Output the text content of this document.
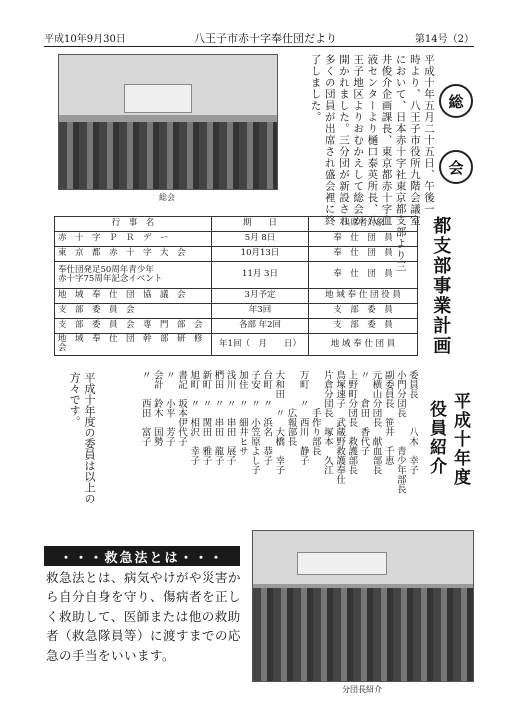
平成10年9月30日	八王子市赤十字奉仕団だより	第14号（2）
総会
総
会
平成十年五月二十五日、午後一
時より、八王子市役所九階会議室
において、日本赤十字社東京都支部より三
井俊介企画課長、東京都赤十字血
液センターより樋口泰英所長、八
王子地区よりおむかえして総会が
開かれました。三分団が新設され
多くの団員が出席され盛会裡に終
了しました。
都支部事業計画
行　事　名	期　　日	出席者対象
赤　十　字　Ｐ　Ｒ　デ　ー	5月 8日	奉　仕　団　員
東　京　都　赤　十　字　大　会	10月13日	奉　仕　団　員
奉仕団発足50周年青少年
赤十字75周年記念イベント	11月 3日	奉　仕　団　員
地　域　奉　仕　団　協　議　会	3月予定	地 域 奉 仕 団 役 員
支　部　委　員　会	年3回	支　部　委　員
支　部　委　員　会　専　門　部　会	各部 年2回	支　部　委　員
地　域　奉　仕　団　幹　部　研　修　会	年1回（　月　　日）	地 域 奉 仕 団 員
平成十年度
役員紹介
委員長　　　八木　幸子
小門分団長　　　青少年部長
副委員長　笹井　千恵
元横山分団長　献血部長
〃　　倉田　香代子
上野町分団長　救護部長
鳥塚速子　武蔵野救護奉仕
片倉分団長　塚本　久江
　　　　手作り部長
万町　〃　西川　静子
　　　　広報部長
大和田　〃　大橋　幸子
台町　〃　浜名　恭子
子安　〃　小笠原よし子
加住　〃　細井ヒサ
浅川　〃　串田　展子
椚田　〃　串田　龍子
新町　〃　関田　雅子
旭町　〃　相沢　幸子
書記　坂本伊代子
〃　　小平　芳子
会計　鈴木　国勢
〃　　西田　富子
平成十年度の委員は以上の方々です。
・・・救急法とは・・・
救急法とは、病気やけがや災害から自分自身を守り、傷病者を正しく救助して、医師または他の救助者（救急隊員等）に渡すまでの応急の手当をいいます。
分団長紹介
